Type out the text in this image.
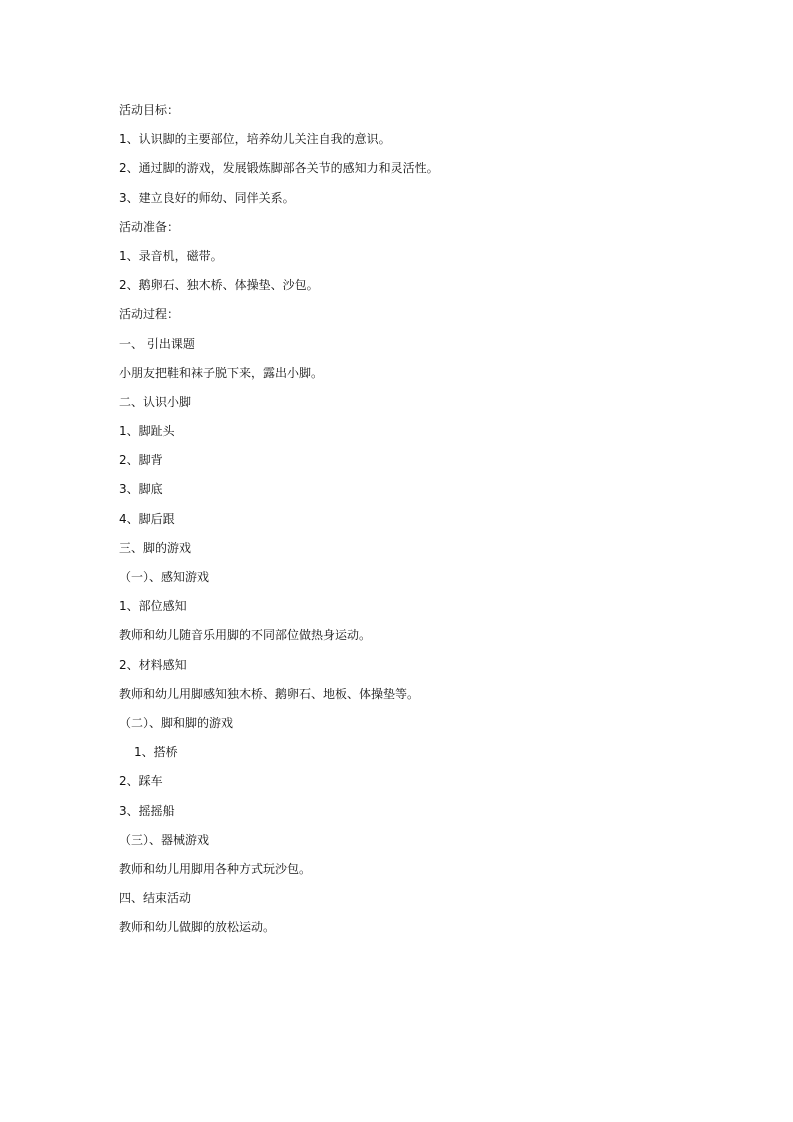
活动目标：
1、认识脚的主要部位，培养幼儿关注自我的意识。
2、通过脚的游戏，发展锻炼脚部各关节的感知力和灵活性。
3、建立良好的师幼、同伴关系。
活动准备：
1、录音机，磁带。
2、鹅卵石、独木桥、体操垫、沙包。
活动过程：
一、 引出课题
小朋友把鞋和袜子脱下来，露出小脚。
二、认识小脚
1、脚趾头
2、脚背
3、脚底
4、脚后跟
三、脚的游戏
（一）、感知游戏
1、部位感知
教师和幼儿随音乐用脚的不同部位做热身运动。
2、材料感知
教师和幼儿用脚感知独木桥、鹅卵石、地板、体操垫等。
（二）、脚和脚的游戏
1、搭桥
2、踩车
3、摇摇船
（三）、器械游戏
教师和幼儿用脚用各种方式玩沙包。
四、结束活动
教师和幼儿做脚的放松运动。
